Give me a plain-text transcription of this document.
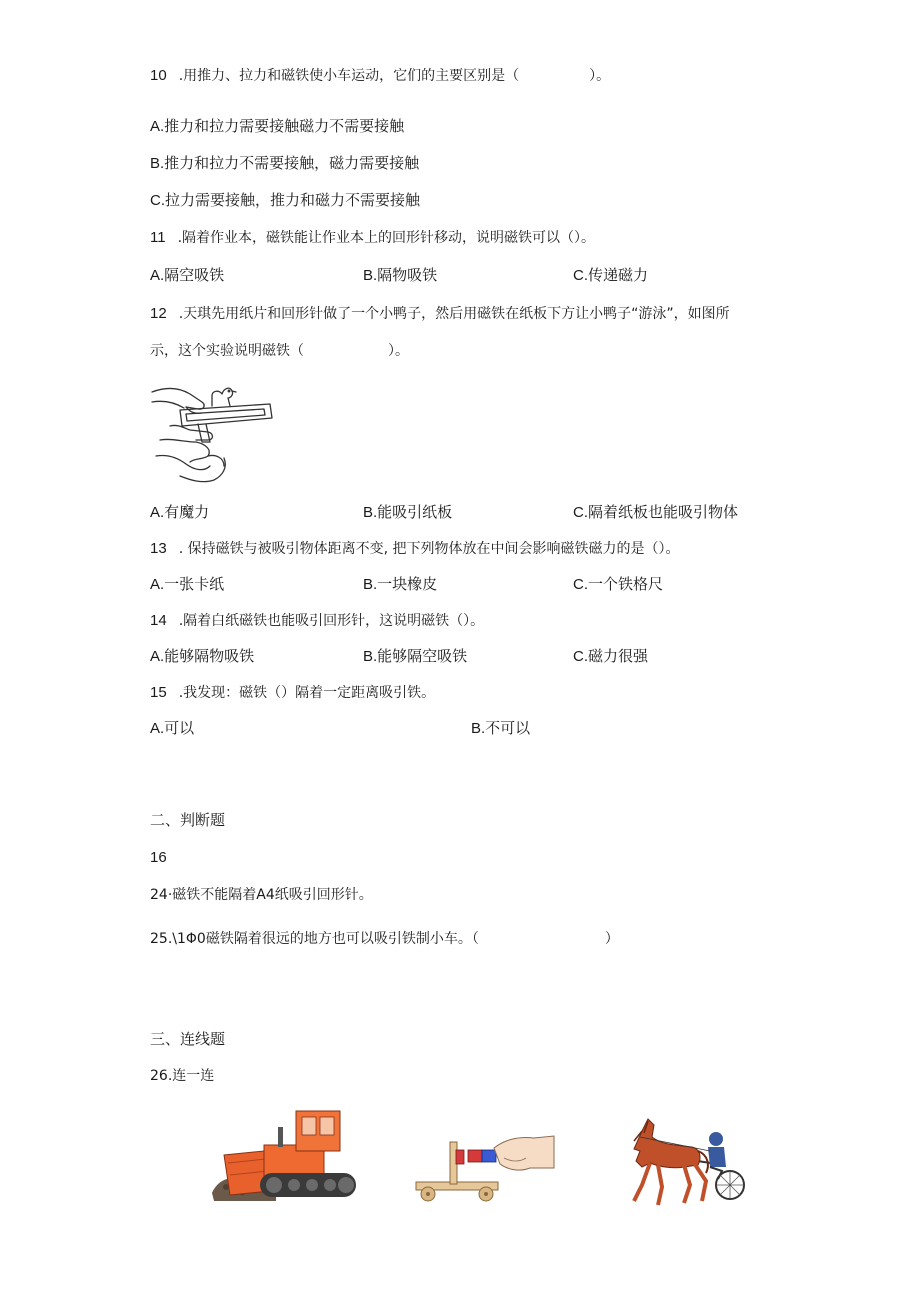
10 .用推力、拉力和磁铁使小车运动，它们的主要区别是（　　　　　）。
A.推力和拉力需要接触磁力不需要接触
B.推力和拉力不需要接触，磁力需要接触
C.拉力需要接触，推力和磁力不需要接触
11 .隔着作业本，磁铁能让作业本上的回形针移动，说明磁铁可以（）。
A.隔空吸铁	B.隔物吸铁	C.传递磁力
12 .天琪先用纸片和回形针做了一个小鸭子，然后用磁铁在纸板下方让小鸭子“游泳”，如图所
示，这个实验说明磁铁（　　　　　　）。
A.有魔力	B.能吸引纸板	C.隔着纸板也能吸引物体
13 . 保持磁铁与被吸引物体距离不变, 把下列物体放在中间会影响磁铁磁力的是（）。
A.一张卡纸	B.一块橡皮	C.一个铁格尺
14 .隔着白纸磁铁也能吸引回形针，这说明磁铁（）。
A.能够隔物吸铁	B.能够隔空吸铁	C.磁力很强
15 .我发现：磁铁（）隔着一定距离吸引铁。
A.可以	B.不可以
二、判断题
16
24·磁铁不能隔着A4纸吸引回形针。
25.\1Φ0磁铁隔着很远的地方也可以吸引铁制小车。（　　　　　　　　　）
三、连线题
26.连一连
